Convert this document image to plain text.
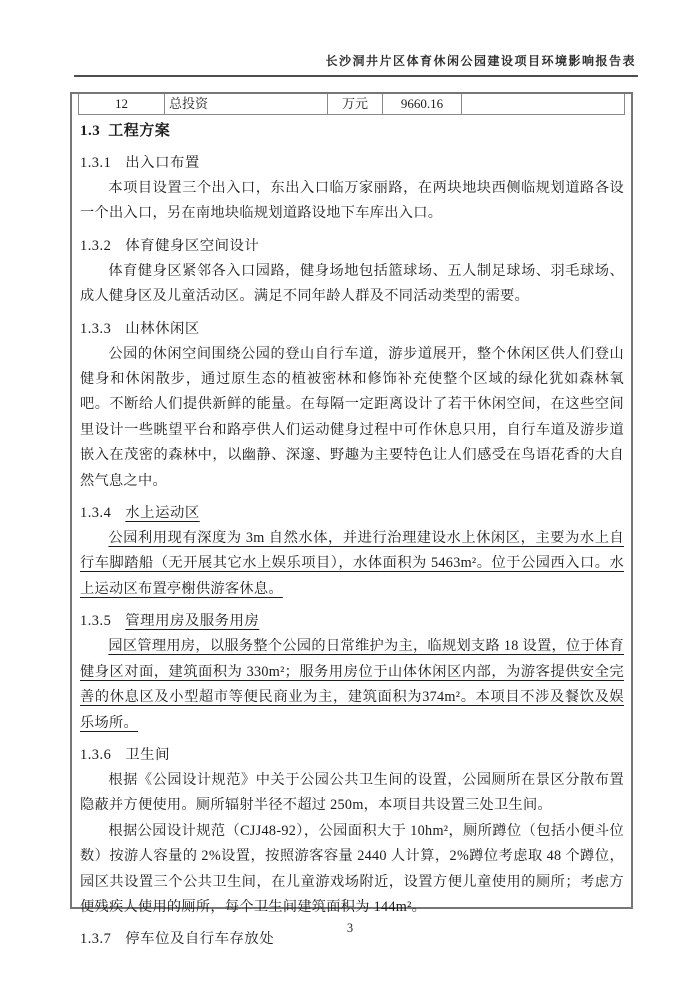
长沙洞井片区体育休闲公园建设项目环境影响报告表
12	总投资	万元	9660.16
1.3 工程方案
1.3.1 出入口布置
本项目设置三个出入口，东出入口临万家丽路，在两块地块西侧临规划道路各设一个出入口，另在南地块临规划道路设地下车库出入口。
1.3.2 体育健身区空间设计
体育健身区紧邻各入口园路，健身场地包括篮球场、五人制足球场、羽毛球场、成人健身区及儿童活动区。满足不同年龄人群及不同活动类型的需要。
1.3.3 山林休闲区
公园的休闲空间围绕公园的登山自行车道，游步道展开，整个休闲区供人们登山健身和休闲散步，通过原生态的植被密林和修饰补充使整个区域的绿化犹如森林氧吧。不断给人们提供新鲜的能量。在每隔一定距离设计了若干休闲空间，在这些空间里设计一些眺望平台和路亭供人们运动健身过程中可作休息只用，自行车道及游步道嵌入在茂密的森林中，以幽静、深邃、野趣为主要特色让人们感受在鸟语花香的大自然气息之中。
1.3.4 水上运动区
公园利用现有深度为 3m 自然水体，并进行治理建设水上休闲区，主要为水上自行车脚踏船（无开展其它水上娱乐项目），水体面积为 5463m²。位于公园西入口。水上运动区布置亭榭供游客休息。
1.3.5 管理用房及服务用房
园区管理用房，以服务整个公园的日常维护为主，临规划支路 18 设置，位于体育健身区对面，建筑面积为 330m²；服务用房位于山体休闲区内部，为游客提供安全完善的休息区及小型超市等便民商业为主，建筑面积为374m²。本项目不涉及餐饮及娱乐场所。
1.3.6 卫生间
根据《公园设计规范》中关于公园公共卫生间的设置，公园厕所在景区分散布置隐蔽并方便使用。厕所辐射半径不超过 250m，本项目共设置三处卫生间。
根据公园设计规范（CJJ48-92），公园面积大于 10hm²，厕所蹲位（包括小便斗位数）按游人容量的 2%设置，按照游客容量 2440 人计算，2%蹲位考虑取 48 个蹲位，园区共设置三个公共卫生间，在儿童游戏场附近，设置方便儿童使用的厕所；考虑方便残疾人使用的厕所，每个卫生间建筑面积为 144m²。
1.3.7 停车位及自行车存放处
3
